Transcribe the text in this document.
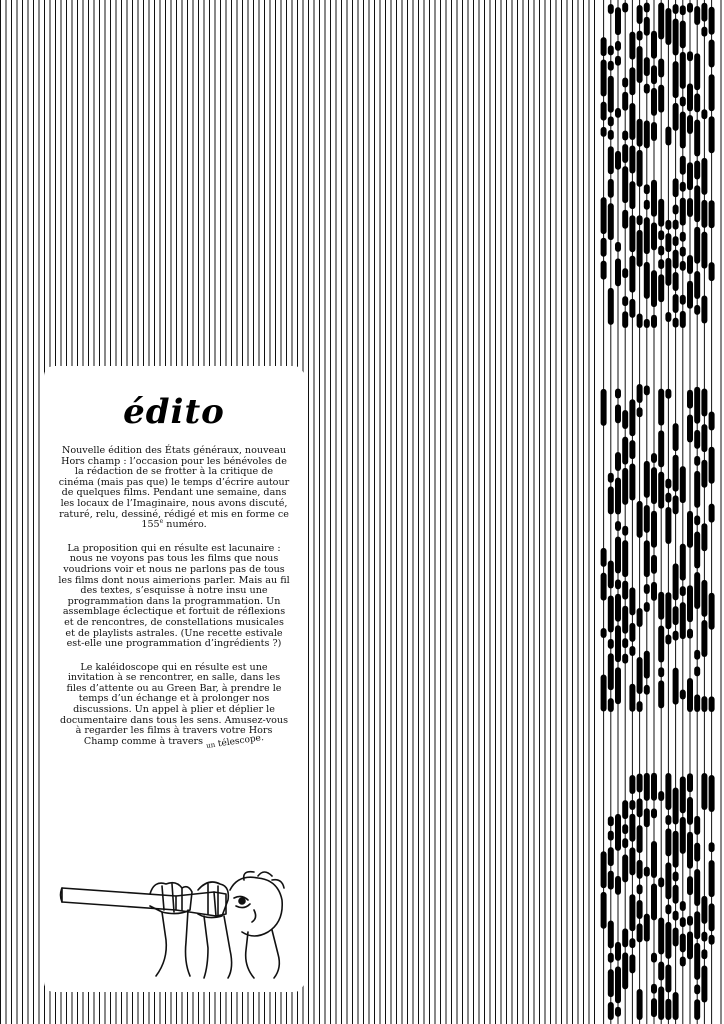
édito

Nouvelle édition des États généraux, nouveau Hors champ : l’occasion pour les bénévoles de la rédaction de se frotter à la critique de cinéma (mais pas que) le temps d’écrire autour de quelques films. Pendant une semaine, dans les locaux de l’Imaginaire, nous avons discuté, raturé, relu, dessiné, rédigé et mis en forme ce 155e numéro.

La proposition qui en résulte est lacunaire : nous ne voyons pas tous les films que nous voudrions voir et nous ne parlons pas de tous les films dont nous aimerions parler. Mais au fil des textes, s’esquisse à notre insu une programmation dans la programmation. Un assemblage éclectique et fortuit de réflexions et de rencontres, de constellations musicales et de playlists astrales. (Une recette estivale est-elle une programmation d’ingrédients ?)

Le kaléidoscope qui en résulte est une invitation à se rencontrer, en salle, dans les files d’attente ou au Green Bar, à prendre le temps d’un échange et à prolonger nos discussions. Un appel à plier et déplier le documentaire dans tous les sens. Amusez-vous à regarder les films à travers votre Hors Champ comme à travers un télescope.
